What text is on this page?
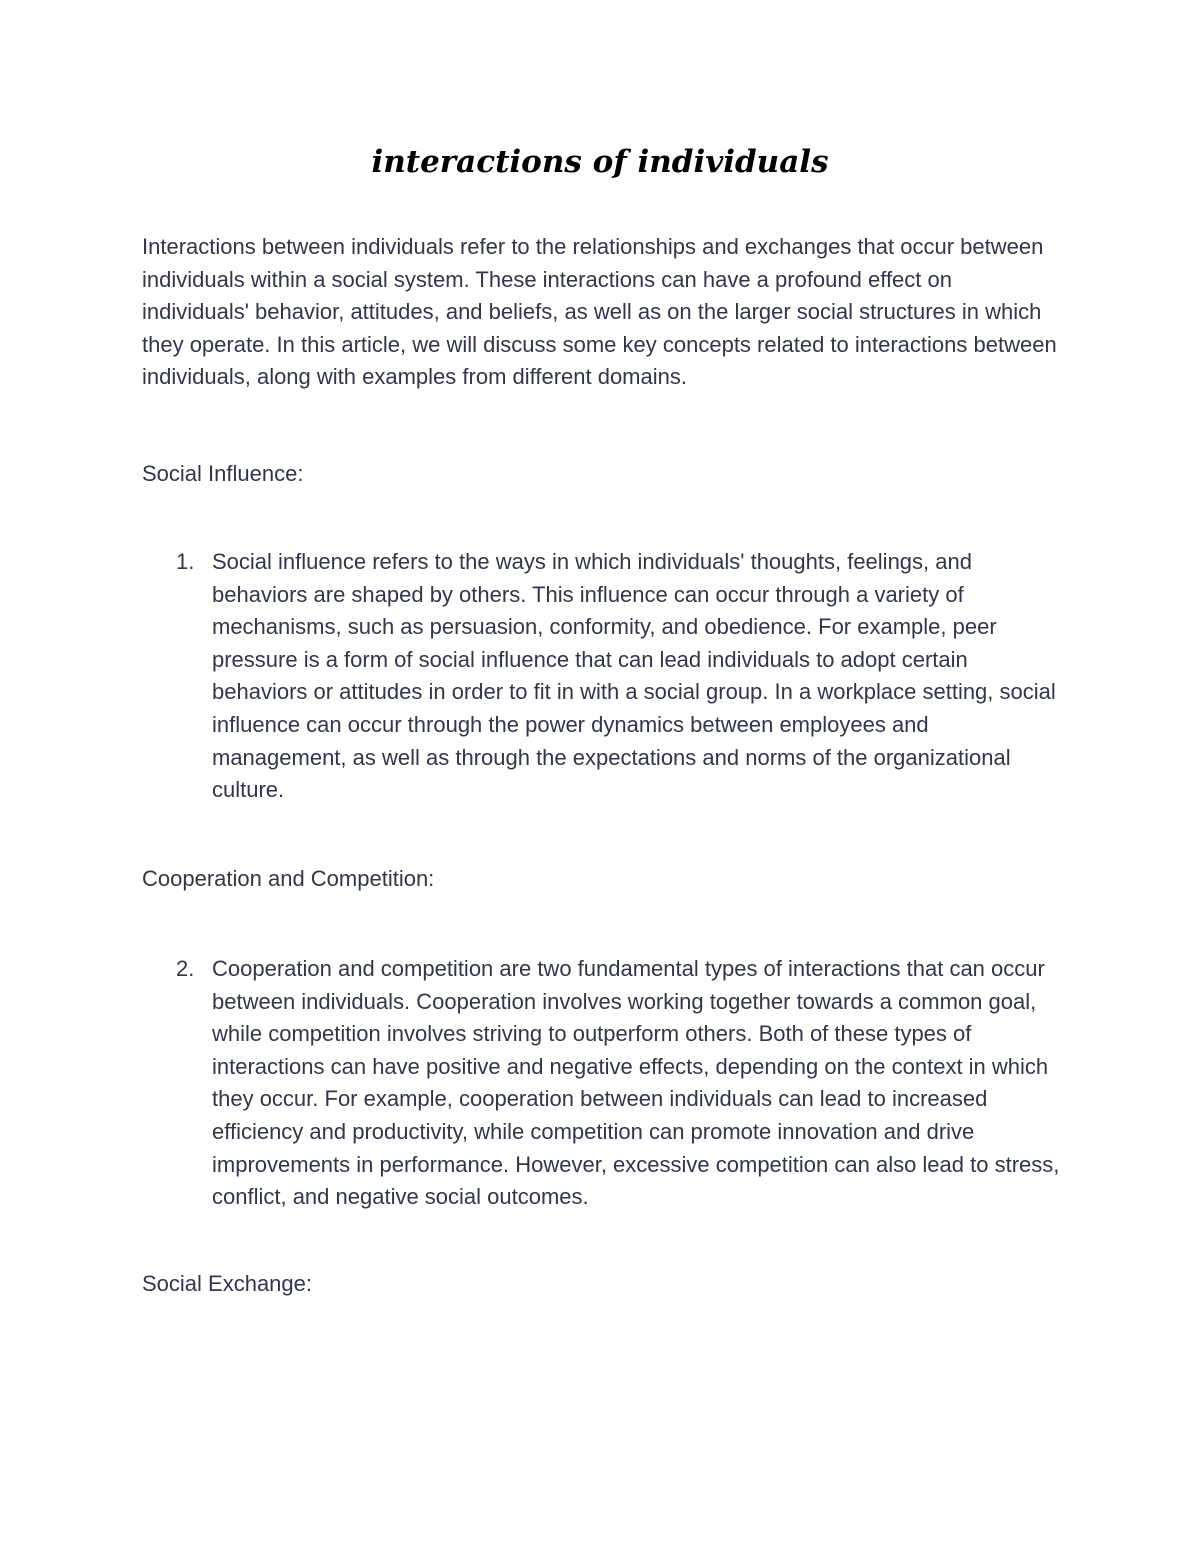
interactions of individuals

Interactions between individuals refer to the relationships and exchanges that occur between individuals within a social system. These interactions can have a profound effect on individuals' behavior, attitudes, and beliefs, as well as on the larger social structures in which they operate. In this article, we will discuss some key concepts related to interactions between individuals, along with examples from different domains.

Social Influence:

1. Social influence refers to the ways in which individuals' thoughts, feelings, and behaviors are shaped by others. This influence can occur through a variety of mechanisms, such as persuasion, conformity, and obedience. For example, peer pressure is a form of social influence that can lead individuals to adopt certain behaviors or attitudes in order to fit in with a social group. In a workplace setting, social influence can occur through the power dynamics between employees and management, as well as through the expectations and norms of the organizational culture.

Cooperation and Competition:

2. Cooperation and competition are two fundamental types of interactions that can occur between individuals. Cooperation involves working together towards a common goal, while competition involves striving to outperform others. Both of these types of interactions can have positive and negative effects, depending on the context in which they occur. For example, cooperation between individuals can lead to increased efficiency and productivity, while competition can promote innovation and drive improvements in performance. However, excessive competition can also lead to stress, conflict, and negative social outcomes.

Social Exchange:
